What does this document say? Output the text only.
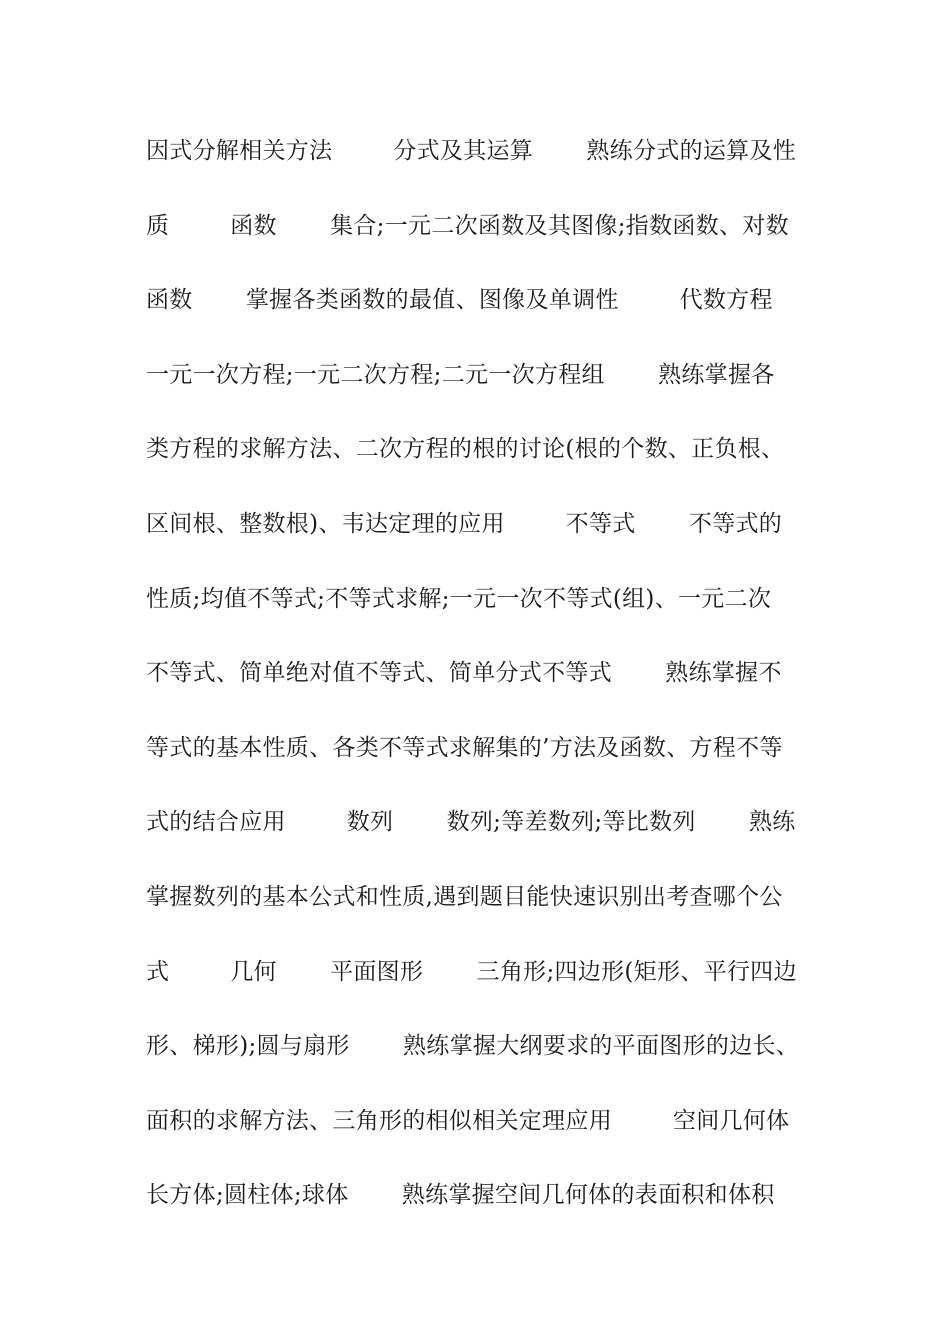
因式分解相关方法        分式及其运算       熟练分式的运算及性
质        函数       集合;一元二次函数及其图像;指数函数、对数
函数       掌握各类函数的最值、图像及单调性        代数方程
一元一次方程;一元二次方程;二元一次方程组       熟练掌握各
类方程的求解方法、二次方程的根的讨论(根的个数、正负根、
区间根、整数根)、韦达定理的应用        不等式       不等式的
性质;均值不等式;不等式求解;一元一次不等式(组)、一元二次
不等式、简单绝对值不等式、简单分式不等式       熟练掌握不
等式的基本性质、各类不等式求解集的’方法及函数、方程不等
式的结合应用        数列       数列;等差数列;等比数列       熟练
掌握数列的基本公式和性质,遇到题目能快速识别出考查哪个公
式        几何       平面图形       三角形;四边形(矩形、平行四边
形、梯形);圆与扇形       熟练掌握大纲要求的平面图形的边长、
面积的求解方法、三角形的相似相关定理应用        空间几何体
长方体;圆柱体;球体       熟练掌握空间几何体的表面积和体积
